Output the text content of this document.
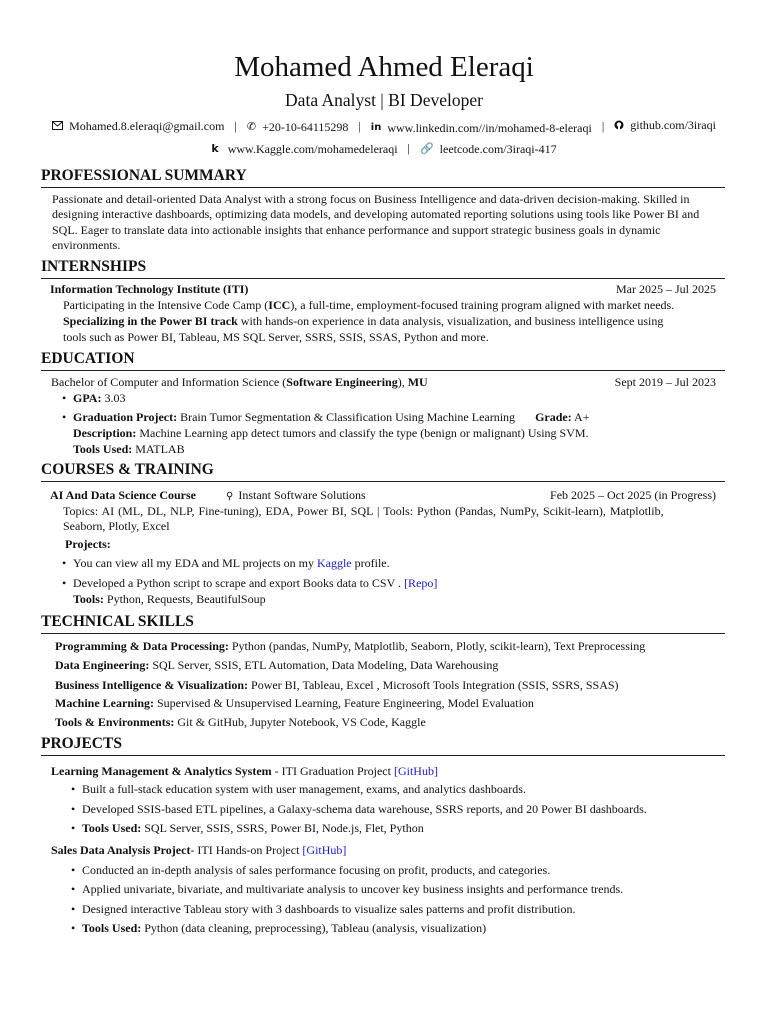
Mohamed Ahmed Eleraqi
Data Analyst | BI Developer
Mohamed.8.eleraqi@gmail.com | ✆ +20-10-64115298 | in www.linkedin.com//in/mohamed-8-eleraqi | github.com/3iraqi
k www.Kaggle.com/mohamedeleraqi | 🔗 leetcode.com/3iraqi-417
PROFESSIONAL SUMMARY
Passionate and detail-oriented Data Analyst with a strong focus on Business Intelligence and data-driven decision-making. Skilled in designing interactive dashboards, optimizing data models, and developing automated reporting solutions using tools like Power BI and SQL. Eager to translate data into actionable insights that enhance performance and support strategic business goals in dynamic environments.
INTERNSHIPS
Information Technology Institute (ITI)	Mar 2025 – Jul 2025
Participating in the Intensive Code Camp (ICC), a full-time, employment-focused training program aligned with market needs.
Specializing in the Power BI track with hands-on experience in data analysis, visualization, and business intelligence using
tools such as Power BI, Tableau, MS SQL Server, SSRS, SSIS, SSAS, Python and more.
EDUCATION
Bachelor of Computer and Information Science (Software Engineering), MU	Sept 2019 – Jul 2023
• GPA: 3.03
• Graduation Project: Brain Tumor Segmentation & Classification Using Machine Learning Grade: A+
Description: Machine Learning app detect tumors and classify the type (benign or malignant) Using SVM.
Tools Used: MATLAB
COURSES & TRAINING
AI And Data Science Course	⚲ Instant Software Solutions	Feb 2025 – Oct 2025 (in Progress)
Topics: AI (ML, DL, NLP, Fine-tuning), EDA, Power BI, SQL | Tools: Python (Pandas, NumPy, Scikit-learn), Matplotlib,
Seaborn, Plotly, Excel
Projects:
• You can view all my EDA and ML projects on my Kaggle profile.
• Developed a Python script to scrape and export Books data to CSV . [Repo]
Tools: Python, Requests, BeautifulSoup
TECHNICAL SKILLS
Programming & Data Processing: Python (pandas, NumPy, Matplotlib, Seaborn, Plotly, scikit-learn), Text Preprocessing
Data Engineering: SQL Server, SSIS, ETL Automation, Data Modeling, Data Warehousing
Business Intelligence & Visualization: Power BI, Tableau, Excel , Microsoft Tools Integration (SSIS, SSRS, SSAS)
Machine Learning: Supervised & Unsupervised Learning, Feature Engineering, Model Evaluation
Tools & Environments: Git & GitHub, Jupyter Notebook, VS Code, Kaggle
PROJECTS
Learning Management & Analytics System - ITI Graduation Project [GitHub]
• Built a full-stack education system with user management, exams, and analytics dashboards.
• Developed SSIS-based ETL pipelines, a Galaxy-schema data warehouse, SSRS reports, and 20 Power BI dashboards.
• Tools Used: SQL Server, SSIS, SSRS, Power BI, Node.js, Flet, Python
Sales Data Analysis Project- ITI Hands-on Project [GitHub]
• Conducted an in-depth analysis of sales performance focusing on profit, products, and categories.
• Applied univariate, bivariate, and multivariate analysis to uncover key business insights and performance trends.
• Designed interactive Tableau story with 3 dashboards to visualize sales patterns and profit distribution.
• Tools Used: Python (data cleaning, preprocessing), Tableau (analysis, visualization)
